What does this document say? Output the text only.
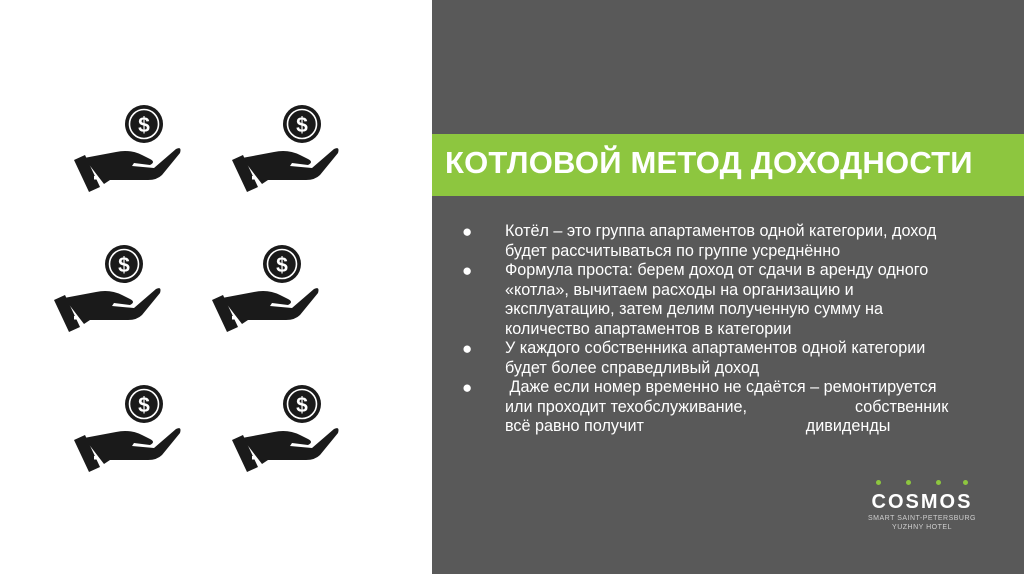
КОТЛОВОЙ МЕТОД ДОХОДНОСТИ
● Котёл – это группа апартаментов одной категории, доход
будет рассчитываться по группе усреднённо
● Формула проста: берем доход от сдачи в аренду одного
«котла», вычитаем расходы на организацию и
эксплуатацию, затем делим полученную сумму на
количество апартаментов в категории
● У каждого собственника апартаментов одной категории
будет более справедливый доход
● Даже если номер временно не сдаётся – ремонтируется
или проходит техобслуживание,                        собственник
всё равно получит                                    дивиденды
COSMOS
SMART SAINT-PETERSBURG
YUZHNY HOTEL
